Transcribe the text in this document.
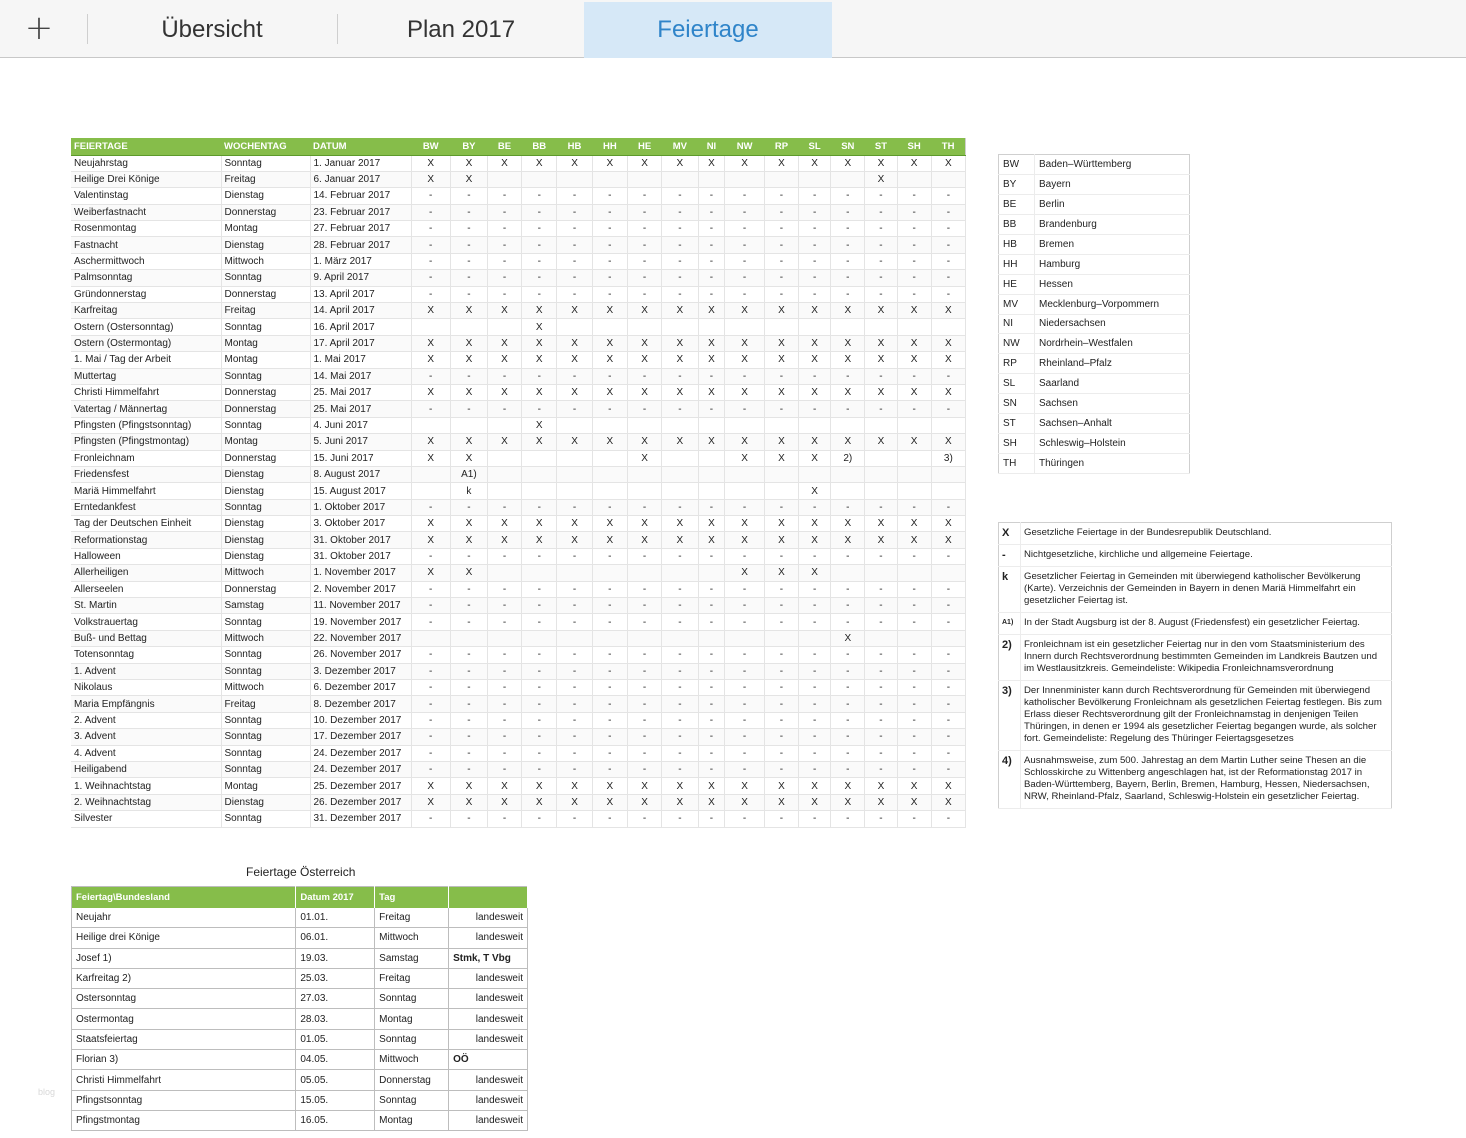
+	Übersicht	Plan 2017	Feiertage
FEIERTAGE	WOCHENTAG	DATUM	BW	BY	BE	BB	HB	HH	HE	MV	NI	NW	RP	SL	SN	ST	SH	TH
Neujahrstag	Sonntag	1. Januar 2017	X	X	X	X	X	X	X	X	X	X	X	X	X	X	X	X
Heilige Drei Könige	Freitag	6. Januar 2017	X	X												X		
Valentinstag	Dienstag	14. Februar 2017	-	-	-	-	-	-	-	-	-	-	-	-	-	-	-	-
Weiberfastnacht	Donnerstag	23. Februar 2017	-	-	-	-	-	-	-	-	-	-	-	-	-	-	-	-
Rosenmontag	Montag	27. Februar 2017	-	-	-	-	-	-	-	-	-	-	-	-	-	-	-	-
Fastnacht	Dienstag	28. Februar 2017	-	-	-	-	-	-	-	-	-	-	-	-	-	-	-	-
Aschermittwoch	Mittwoch	1. März 2017	-	-	-	-	-	-	-	-	-	-	-	-	-	-	-	-
Palmsonntag	Sonntag	9. April 2017	-	-	-	-	-	-	-	-	-	-	-	-	-	-	-	-
Gründonnerstag	Donnerstag	13. April 2017	-	-	-	-	-	-	-	-	-	-	-	-	-	-	-	-
Karfreitag	Freitag	14. April 2017	X	X	X	X	X	X	X	X	X	X	X	X	X	X	X	X
Ostern (Ostersonntag)	Sonntag	16. April 2017				X												
Ostern (Ostermontag)	Montag	17. April 2017	X	X	X	X	X	X	X	X	X	X	X	X	X	X	X	X
1. Mai / Tag der Arbeit	Montag	1. Mai 2017	X	X	X	X	X	X	X	X	X	X	X	X	X	X	X	X
Muttertag	Sonntag	14. Mai 2017	-	-	-	-	-	-	-	-	-	-	-	-	-	-	-	-
Christi Himmelfahrt	Donnerstag	25. Mai 2017	X	X	X	X	X	X	X	X	X	X	X	X	X	X	X	X
Vatertag / Männertag	Donnerstag	25. Mai 2017	-	-	-	-	-	-	-	-	-	-	-	-	-	-	-	-
Pfingsten (Pfingstsonntag)	Sonntag	4. Juni 2017				X												
Pfingsten (Pfingstmontag)	Montag	5. Juni 2017	X	X	X	X	X	X	X	X	X	X	X	X	X	X	X	X
Fronleichnam	Donnerstag	15. Juni 2017	X	X					X			X	X	X	2)			3)
Friedensfest	Dienstag	8. August 2017		A1)														
Mariä Himmelfahrt	Dienstag	15. August 2017		k										X				
Erntedankfest	Sonntag	1. Oktober 2017	-	-	-	-	-	-	-	-	-	-	-	-	-	-	-	-
Tag der Deutschen Einheit	Dienstag	3. Oktober 2017	X	X	X	X	X	X	X	X	X	X	X	X	X	X	X	X
Reformationstag	Dienstag	31. Oktober 2017	X	X	X	X	X	X	X	X	X	X	X	X	X	X	X	X
Halloween	Dienstag	31. Oktober 2017	-	-	-	-	-	-	-	-	-	-	-	-	-	-	-	-
Allerheiligen	Mittwoch	1. November 2017	X	X								X	X	X				
Allerseelen	Donnerstag	2. November 2017	-	-	-	-	-	-	-	-	-	-	-	-	-	-	-	-
St. Martin	Samstag	11. November 2017	-	-	-	-	-	-	-	-	-	-	-	-	-	-	-	-
Volkstrauertag	Sonntag	19. November 2017	-	-	-	-	-	-	-	-	-	-	-	-	-	-	-	-
Buß- und Bettag	Mittwoch	22. November 2017													X			
Totensonntag	Sonntag	26. November 2017	-	-	-	-	-	-	-	-	-	-	-	-	-	-	-	-
1. Advent	Sonntag	3. Dezember 2017	-	-	-	-	-	-	-	-	-	-	-	-	-	-	-	-
Nikolaus	Mittwoch	6. Dezember 2017	-	-	-	-	-	-	-	-	-	-	-	-	-	-	-	-
Maria Empfängnis	Freitag	8. Dezember 2017	-	-	-	-	-	-	-	-	-	-	-	-	-	-	-	-
2. Advent	Sonntag	10. Dezember 2017	-	-	-	-	-	-	-	-	-	-	-	-	-	-	-	-
3. Advent	Sonntag	17. Dezember 2017	-	-	-	-	-	-	-	-	-	-	-	-	-	-	-	-
4. Advent	Sonntag	24. Dezember 2017	-	-	-	-	-	-	-	-	-	-	-	-	-	-	-	-
Heiligabend	Sonntag	24. Dezember 2017	-	-	-	-	-	-	-	-	-	-	-	-	-	-	-	-
1. Weihnachtstag	Montag	25. Dezember 2017	X	X	X	X	X	X	X	X	X	X	X	X	X	X	X	X
2. Weihnachtstag	Dienstag	26. Dezember 2017	X	X	X	X	X	X	X	X	X	X	X	X	X	X	X	X
Silvester	Sonntag	31. Dezember 2017	-	-	-	-	-	-	-	-	-	-	-	-	-	-	-	-
BW	Baden–Württemberg
BY	Bayern
BE	Berlin
BB	Brandenburg
HB	Bremen
HH	Hamburg
HE	Hessen
MV	Mecklenburg–Vorpommern
NI	Niedersachsen
NW	Nordrhein–Westfalen
RP	Rheinland–Pfalz
SL	Saarland
SN	Sachsen
ST	Sachsen–Anhalt
SH	Schleswig–Holstein
TH	Thüringen
X	Gesetzliche Feiertage in der Bundesrepublik Deutschland.
-	Nichtgesetzliche, kirchliche und allgemeine Feiertage.
k	Gesetzlicher Feiertag in Gemeinden mit überwiegend katholischer Bevölkerung (Karte). Verzeichnis der Gemeinden in Bayern in denen Mariä Himmelfahrt ein gesetzlicher Feiertag ist.
A1)	In der Stadt Augsburg ist der 8. August (Friedensfest) ein gesetzlicher Feiertag.
2)	Fronleichnam ist ein gesetzlicher Feiertag nur in den vom Staatsministerium des Innern durch Rechtsverordnung bestimmten Gemeinden im Landkreis Bautzen und im Westlausitzkreis. Gemeindeliste: Wikipedia Fronleichnamsverordnung
3)	Der Innenminister kann durch Rechtsverordnung für Gemeinden mit überwiegend katholischer Bevölkerung Fronleichnam als gesetzlichen Feiertag festlegen. Bis zum Erlass dieser Rechtsverordnung gilt der Fronleichnamstag in denjenigen Teilen Thüringen, in denen er 1994 als gesetzlicher Feiertag begangen wurde, als solcher fort. Gemeindeliste: Regelung des Thüringer Feiertagsgesetzes
4)	Ausnahmsweise, zum 500. Jahrestag an dem Martin Luther seine Thesen an die Schlosskirche zu Wittenberg angeschlagen hat, ist der Reformationstag 2017 in Baden-Württemberg, Bayern, Berlin, Bremen, Hamburg, Hessen, Niedersachsen, NRW, Rheinland-Pfalz, Saarland, Schleswig-Holstein ein gesetzlicher Feiertag.
Feiertage Österreich
Feiertag\Bundesland	Datum 2017	Tag	
Neujahr	01.01.	Freitag	landesweit
Heilige drei Könige	06.01.	Mittwoch	landesweit
Josef 1)	19.03.	Samstag	Stmk, T Vbg
Karfreitag 2)	25.03.	Freitag	landesweit
Ostersonntag	27.03.	Sonntag	landesweit
Ostermontag	28.03.	Montag	landesweit
Staatsfeiertag	01.05.	Sonntag	landesweit
Florian 3)	04.05.	Mittwoch	OÖ
Christi Himmelfahrt	05.05.	Donnerstag	landesweit
Pfingstsonntag	15.05.	Sonntag	landesweit
Pfingstmontag	16.05.	Montag	landesweit
blog
